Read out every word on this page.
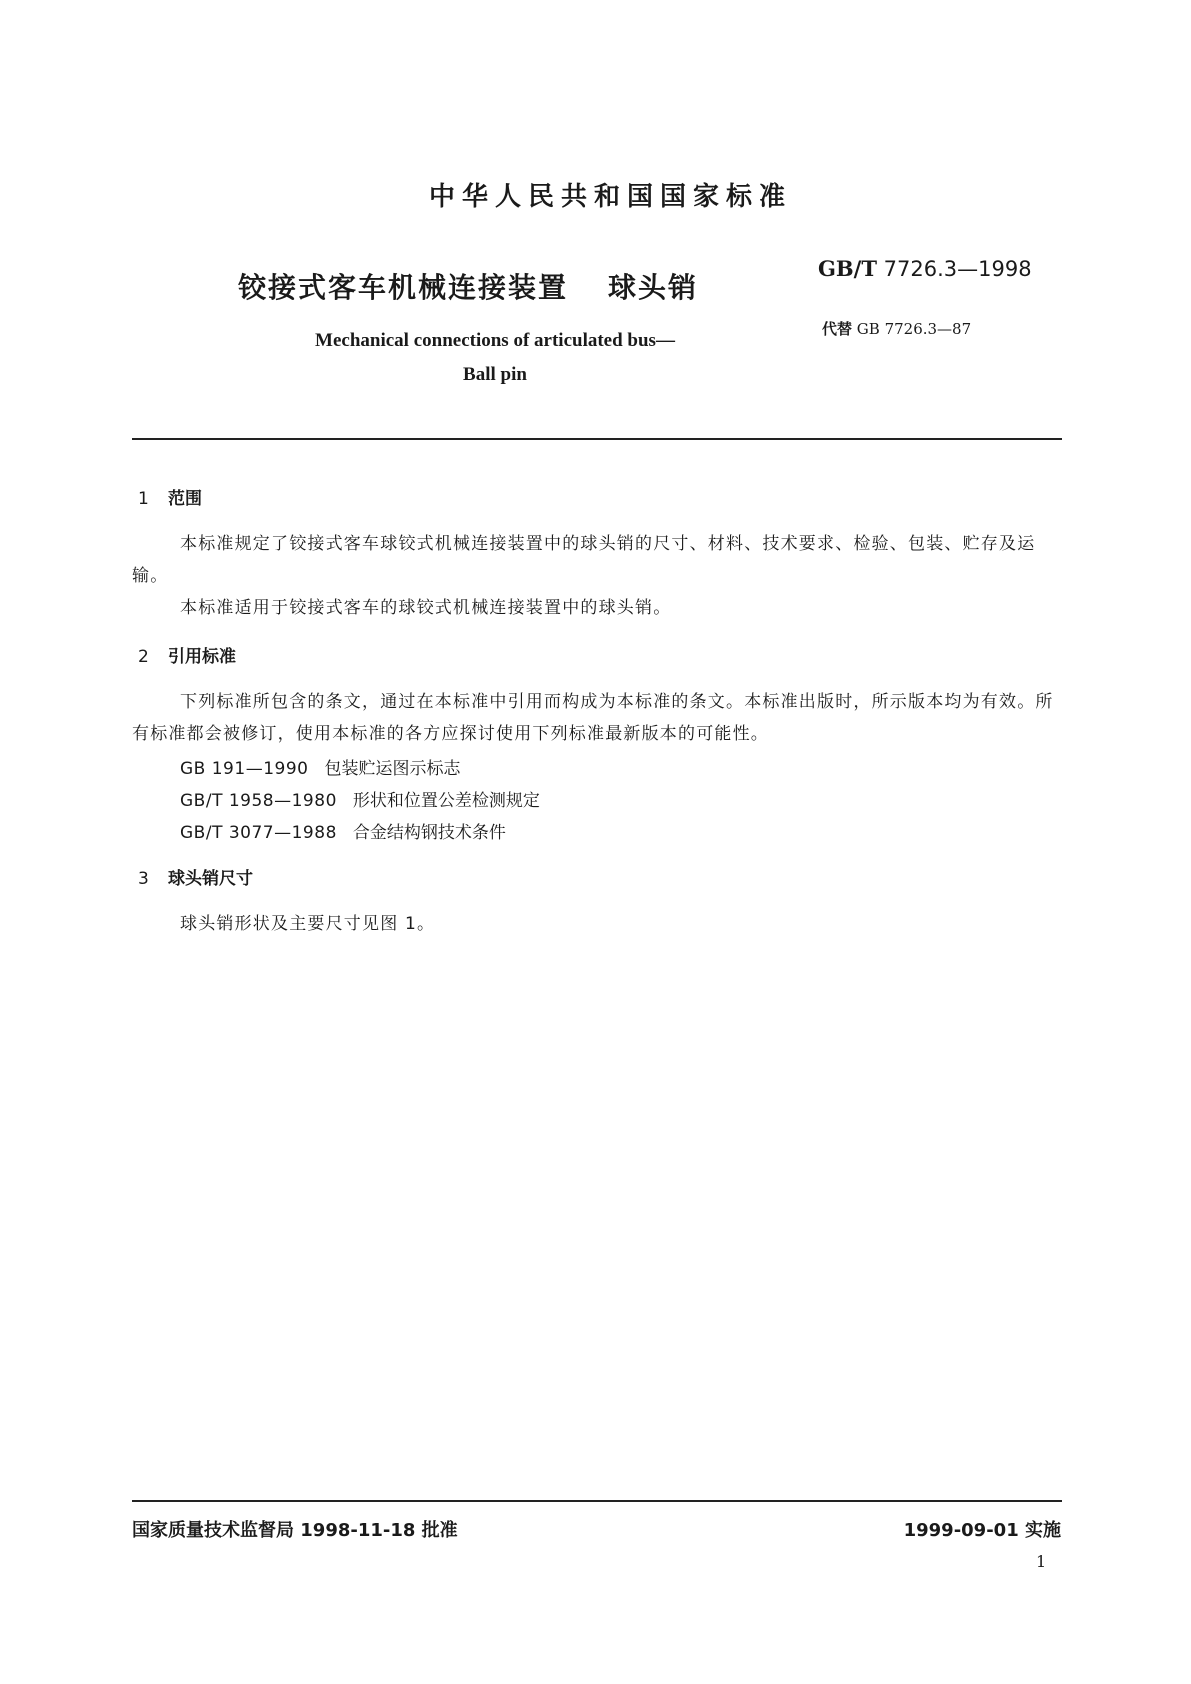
中华人民共和国国家标准
铰接式客车机械连接装置 球头销
GB/T 7726.3—1998
代替 GB 7726.3—87
Mechanical connections of articulated bus—
Ball pin
1 范围
本标准规定了铰接式客车球铰式机械连接装置中的球头销的尺寸、材料、技术要求、检验、包装、贮存及运输。
本标准适用于铰接式客车的球铰式机械连接装置中的球头销。
2 引用标准
下列标准所包含的条文，通过在本标准中引用而构成为本标准的条文。本标准出版时，所示版本均为有效。所有标准都会被修订，使用本标准的各方应探讨使用下列标准最新版本的可能性。
GB 191—1990 包装贮运图示标志
GB/T 1958—1980 形状和位置公差检测规定
GB/T 3077—1988 合金结构钢技术条件
3 球头销尺寸
球头销形状及主要尺寸见图 1。
国家质量技术监督局 1998-11-18 批准	1999-09-01 实施
1
